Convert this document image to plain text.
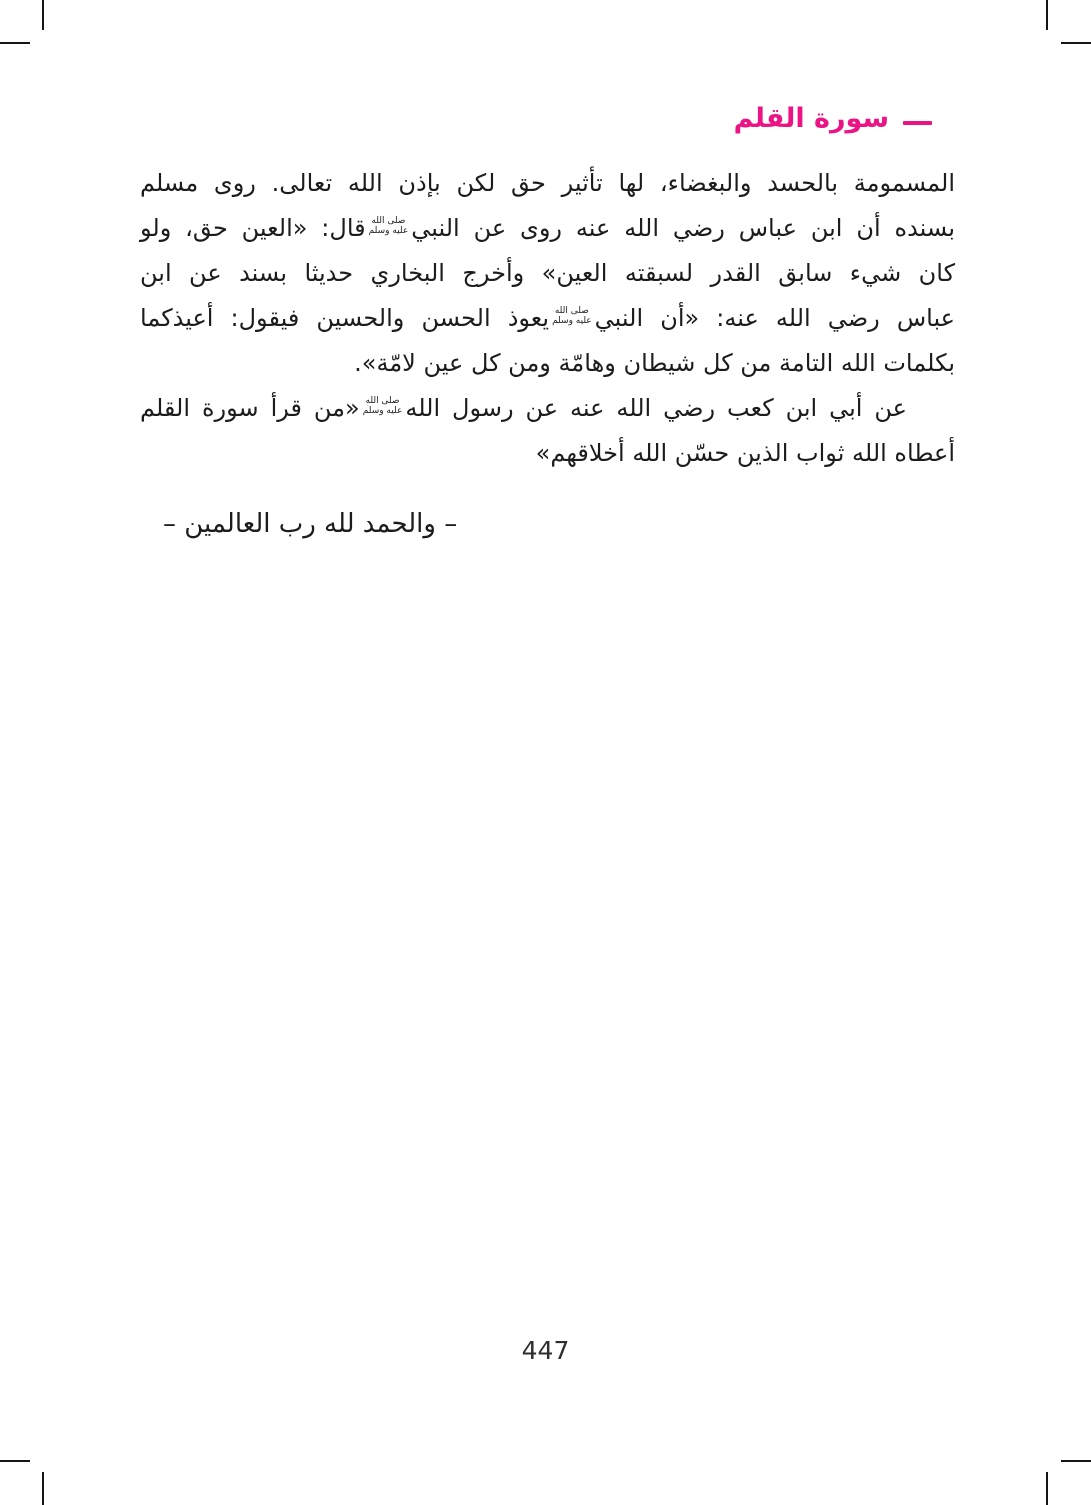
سورة القلم
المسمومة بالحسد والبغضاء، لها تأثير حق لكن بإذن الله تعالى. روى مسلم
بسنده أن ابن عباس رضي الله عنه روى عن النبي
صلى الله
عليه وسلم
قال: «العين حق، ولو
كان شيء سابق القدر لسبقته العين» وأخرج البخاري حديثا بسند عن ابن
عباس رضي الله عنه: «أن النبي
صلى الله
عليه وسلم
يعوذ الحسن والحسين فيقول: أعيذكما
بكلمات الله التامة من كل شيطان وهامّة ومن كل عين لامّة».
عن أبي ابن كعب رضي الله عنه عن رسول الله
صلى الله
عليه وسلم
«من قرأ سورة القلم
أعطاه الله ثواب الذين حسّن الله أخلاقهم»
– والحمد لله رب العالمين –
447
